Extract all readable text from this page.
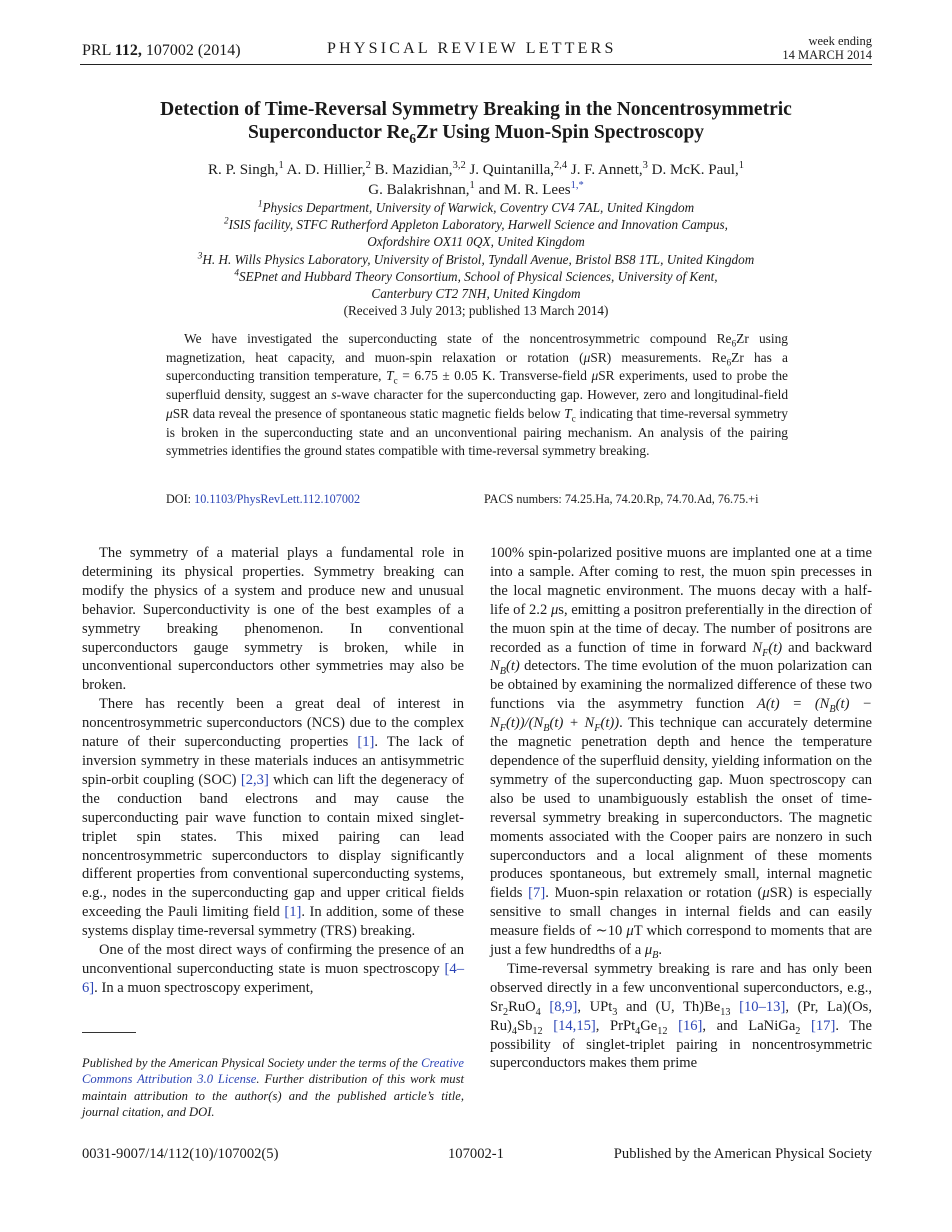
PRL 112, 107002 (2014)	PHYSICAL REVIEW LETTERS	week ending
14 MARCH 2014
Detection of Time-Reversal Symmetry Breaking in the Noncentrosymmetric
Superconductor $Re_6Zr$ Using Muon-Spin Spectroscopy
R. P. Singh,$^1$ A. D. Hillier,$^2$ B. Mazidian,$^{3,2}$ J. Quintanilla,$^{2,4}$ J. F. Annett,$^3$ D. McK. Paul,$^1$
G. Balakrishnan,$^1$ and M. R. Lees$^{1,*}$
$^1$Physics Department, University of Warwick, Coventry CV4 7AL, United Kingdom
$^2$ISIS facility, STFC Rutherford Appleton Laboratory, Harwell Science and Innovation Campus,
Oxfordshire OX11 0QX, United Kingdom
$^3$H. H. Wills Physics Laboratory, University of Bristol, Tyndall Avenue, Bristol BS8 1TL, United Kingdom
$^4$SEPnet and Hubbard Theory Consortium, School of Physical Sciences, University of Kent,
Canterbury CT2 7NH, United Kingdom
(Received 3 July 2013; published 13 March 2014)

We have investigated the superconducting state of the noncentrosymmetric compound $Re_6Zr$ using magnetization, heat capacity, and muon-spin relaxation or rotation (μSR) measurements. $Re_6Zr$ has a superconducting transition temperature, $T_c = 6.75 \pm 0.05$ K. Transverse-field μSR experiments, used to probe the superfluid density, suggest an s-wave character for the superconducting gap. However, zero and longitudinal-field μSR data reveal the presence of spontaneous static magnetic fields below $T_c$ indicating that time-reversal symmetry is broken in the superconducting state and an unconventional pairing mechanism. An analysis of the pairing symmetries identifies the ground states compatible with time-reversal symmetry breaking.

DOI: 10.1103/PhysRevLett.112.107002	PACS numbers: 74.25.Ha, 74.20.Rp, 74.70.Ad, 76.75.+i

The symmetry of a material plays a fundamental role in determining its physical properties. Symmetry breaking can modify the physics of a system and produce new and unusual behavior. Superconductivity is one of the best examples of a symmetry breaking phenomenon. In conventional superconductors gauge symmetry is broken, while in unconventional superconductors other symmetries may also be broken.

There has recently been a great deal of interest in noncentrosymmetric superconductors (NCS) due to the complex nature of their superconducting properties [1]. The lack of inversion symmetry in these materials induces an antisymmetric spin-orbit coupling (SOC) [2,3] which can lift the degeneracy of the conduction band electrons and may cause the superconducting pair wave function to contain mixed singlet-triplet spin states. This mixed pairing can lead noncentrosymmetric superconductors to display significantly different properties from conventional superconducting systems, e.g., nodes in the superconducting gap and upper critical fields exceeding the Pauli limiting field [1]. In addition, some of these systems display time-reversal symmetry (TRS) breaking.

One of the most direct ways of confirming the presence of an unconventional superconducting state is muon spectroscopy [4–6]. In a muon spectroscopy experiment,

Published by the American Physical Society under the terms of the Creative Commons Attribution 3.0 License. Further distribution of this work must maintain attribution to the author(s) and the published article’s title, journal citation, and DOI.

100% spin-polarized positive muons are implanted one at a time into a sample. After coming to rest, the muon spin precesses in the local magnetic environment. The muons decay with a half-life of 2.2 μs, emitting a positron preferentially in the direction of the muon spin at the time of decay. The number of positrons are recorded as a function of time in forward $N_F(t)$ and backward $N_B(t)$ detectors. The time evolution of the muon polarization can be obtained by examining the normalized difference of these two functions via the asymmetry function $A(t) = (N_B(t) - N_F(t))/(N_B(t) + N_F(t))$. This technique can accurately determine the magnetic penetration depth and hence the temperature dependence of the superfluid density, yielding information on the symmetry of the superconducting gap. Muon spectroscopy can also be used to unambiguously establish the onset of time-reversal symmetry breaking in superconductors. The magnetic moments associated with the Cooper pairs are nonzero in such superconductors and a local alignment of these moments produces spontaneous, but extremely small, internal magnetic fields [7]. Muon-spin relaxation or rotation (μSR) is especially sensitive to small changes in internal fields and can easily measure fields of ∼10 μT which correspond to moments that are just a few hundredths of a $\mu_B$.

Time-reversal symmetry breaking is rare and has only been observed directly in a few unconventional superconductors, e.g., $Sr_2RuO_4$ [8,9], UPt$_3$ and (U, $Th)Be_{13}$ [10–13], (Pr, La)(Os, $Ru)_4Sb_{12}$ [14,15], $PrPt_4Ge_{12}$ [16], and LaNiGa$_2$ [17]. The possibility of singlet-triplet pairing in noncentrosymmetric superconductors makes them prime

0031-9007/14/112(10)/107002(5)	107002-1	Published by the American Physical Society
